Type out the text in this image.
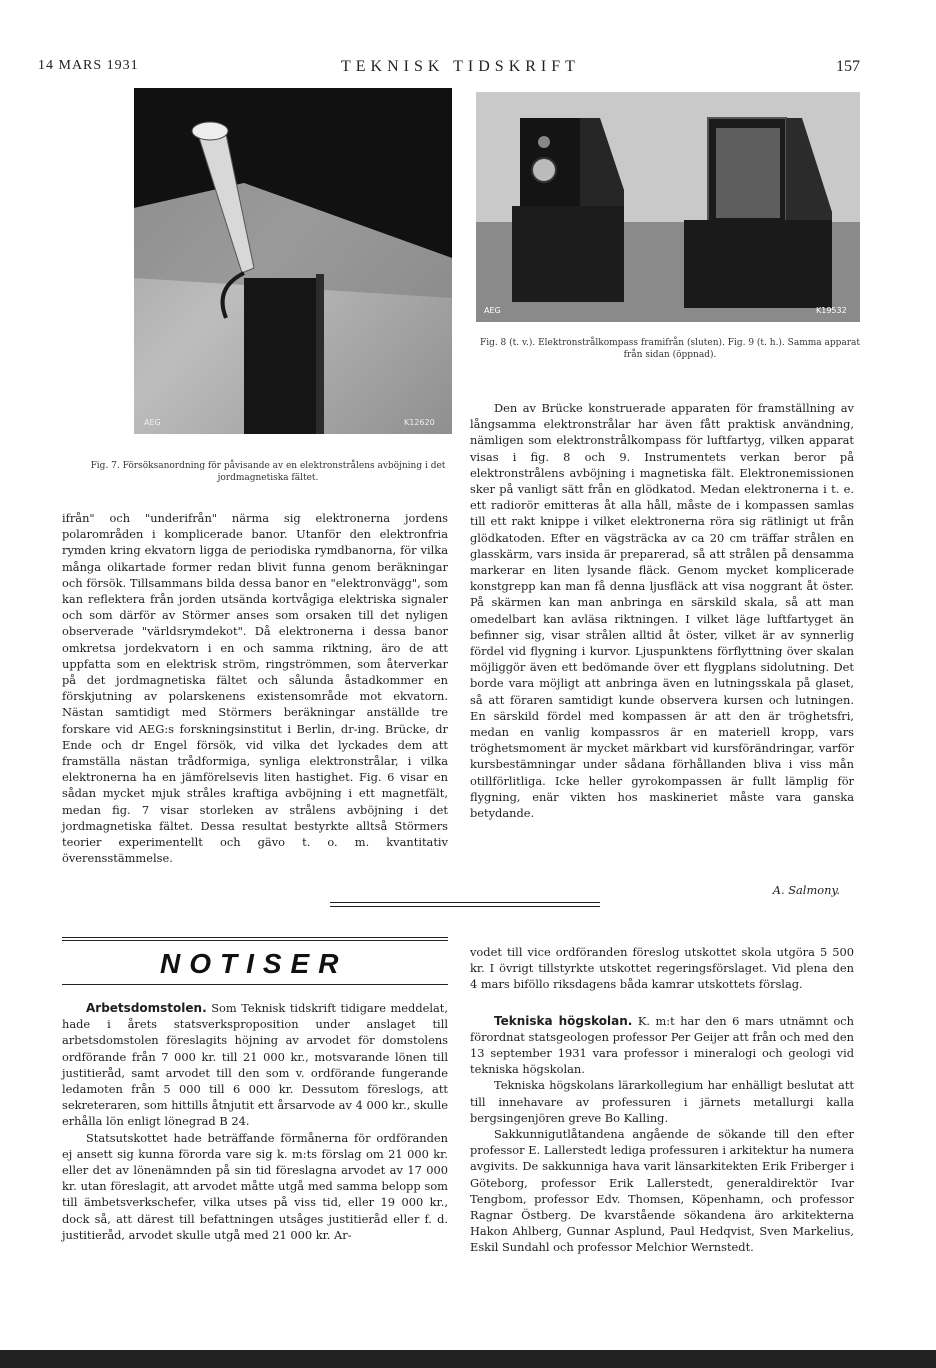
14 MARS 1931	TEKNISK TIDSKRIFT	157
AEG	K12620
Fig. 7. Försöksanordning för påvisande av en elektronstrålens avböjning i det jordmagnetiska fältet.
AEG	K19532
Fig. 8 (t. v.). Elektronstrålkompass framifrån (sluten). Fig. 9 (t. h.). Samma apparat från sidan (öppnad).
ifrån" och "underifrån" närma sig elektronerna jordens polarområden i komplicerade banor. Utanför den elektronfria rymden kring ekvatorn ligga de periodiska rymdbanorna, för vilka många olikartade former redan blivit funna genom beräkningar och försök. Tillsammans bilda dessa banor en "elektronvägg", som kan reflektera från jorden utsända kortvågiga elektriska signaler och som därför av Störmer anses som orsaken till det nyligen observerade "världsrymdekot". Då elektronerna i dessa banor omkretsa jordekvatorn i en och samma riktning, äro de att uppfatta som en elektrisk ström, ringströmmen, som återverkar på det jordmagnetiska fältet och sålunda åstadkommer en förskjutning av polarskenens existensområde mot ekvatorn. Nästan samtidigt med Störmers beräkningar anställde tre forskare vid AEG:s forskningsinstitut i Berlin, dr-ing. Brücke, dr Ende och dr Engel försök, vid vilka det lyckades dem att framställa nästan trådformiga, synliga elektronstrålar, i vilka elektronerna ha en jämförelsevis liten hastighet. Fig. 6 visar en sådan mycket mjuk stråles kraftiga avböjning i ett magnetfält, medan fig. 7 visar storleken av strålens avböjning i det jordmagnetiska fältet. Dessa resultat bestyrkte alltså Störmers teorier experimentellt och gävo t. o. m. kvantitativ överensstämmelse.
Den av Brücke konstruerade apparaten för framställning av långsamma elektronstrålar har även fått praktisk användning, nämligen som elektronstrålkompass för luftfartyg, vilken apparat visas i fig. 8 och 9. Instrumentets verkan beror på elektronstrålens avböjning i magnetiska fält. Elektronemissionen sker på vanligt sätt från en glödkatod. Medan elektronerna i t. e. ett radiorör emitteras åt alla håll, måste de i kompassen samlas till ett rakt knippe i vilket elektronerna röra sig rätlinigt ut från glödkatoden. Efter en vägsträcka av ca 20 cm träffar strålen en glasskärm, vars insida är preparerad, så att strålen på densamma markerar en liten lysande fläck. Genom mycket komplicerade konstgrepp kan man få denna ljusfläck att visa noggrant åt öster. På skärmen kan man anbringa en särskild skala, så att man omedelbart kan avläsa riktningen. I vilket läge luftfartyget än befinner sig, visar strålen alltid åt öster, vilket är av synnerlig fördel vid flygning i kurvor. Ljuspunktens förflyttning över skalan möjliggör även ett bedömande över ett flygplans sidolutning. Det borde vara möjligt att anbringa även en lutningsskala på glaset, så att föraren samtidigt kunde observera kursen och lutningen. En särskild fördel med kompassen är att den är tröghetsfri, medan en vanlig kompassros är en materiell kropp, vars tröghetsmoment är mycket märkbart vid kursförändringar, varför kursbestämningar under sådana förhållanden bliva i viss mån otillförlitliga. Icke heller gyrokompassen är fullt lämplig för flygning, enär vikten hos maskineriet måste vara ganska betydande.
A. Salmony.
NOTISER

Arbetsdomstolen. Som Teknisk tidskrift tidigare meddelat, hade i årets statsverksproposition under anslaget till arbetsdomstolen föreslagits höjning av arvodet för domstolens ordförande från 7 000 kr. till 21 000 kr., motsvarande lönen till justitieråd, samt arvodet till den som v. ordförande fungerande ledamoten från 5 000 till 6 000 kr. Dessutom föreslogs, att sekreteraren, som hittills åtnjutit ett årsarvode av 4 000 kr., skulle erhålla lön enligt lönegrad B 24.

Statsutskottet hade beträffande förmånerna för ordföranden ej ansett sig kunna förorda vare sig k. m:ts förslag om 21 000 kr. eller det av lönenämnden på sin tid föreslagna arvodet av 17 000 kr. utan föreslagit, att arvodet måtte utgå med samma belopp som till ämbetsverkschefer, vilka utses på viss tid, eller 19 000 kr., dock så, att därest till befattningen utsåges justitieråd eller f. d. justitieråd, arvodet skulle utgå med 21 000 kr. Ar-

vodet till vice ordföranden föreslog utskottet skola utgöra 5 500 kr. I övrigt tillstyrkte utskottet regeringsförslaget. Vid plena den 4 mars biföllo riksdagens båda kamrar utskottets förslag.

Tekniska högskolan. K. m:t har den 6 mars utnämnt och förordnat statsgeologen professor Per Geijer att från och med den 13 september 1931 vara professor i mineralogi och geologi vid tekniska högskolan.

Tekniska högskolans lärarkollegium har enhälligt beslutat att till innehavare av professuren i järnets metallurgi kalla bergsingenjören greve Bo Kalling.

Sakkunnigutlåtandena angående de sökande till den efter professor E. Lallerstedt lediga professuren i arkitektur ha numera avgivits. De sakkunniga hava varit länsarkitekten Erik Friberger i Göteborg, professor Erik Lallerstedt, generaldirektör Ivar Tengbom, professor Edv. Thomsen, Köpenhamn, och professor Ragnar Östberg. De kvarstående sökandena äro arkitekterna Hakon Ahlberg, Gunnar Asplund, Paul Hedqvist, Sven Markelius, Eskil Sundahl och professor Melchior Wernstedt.
